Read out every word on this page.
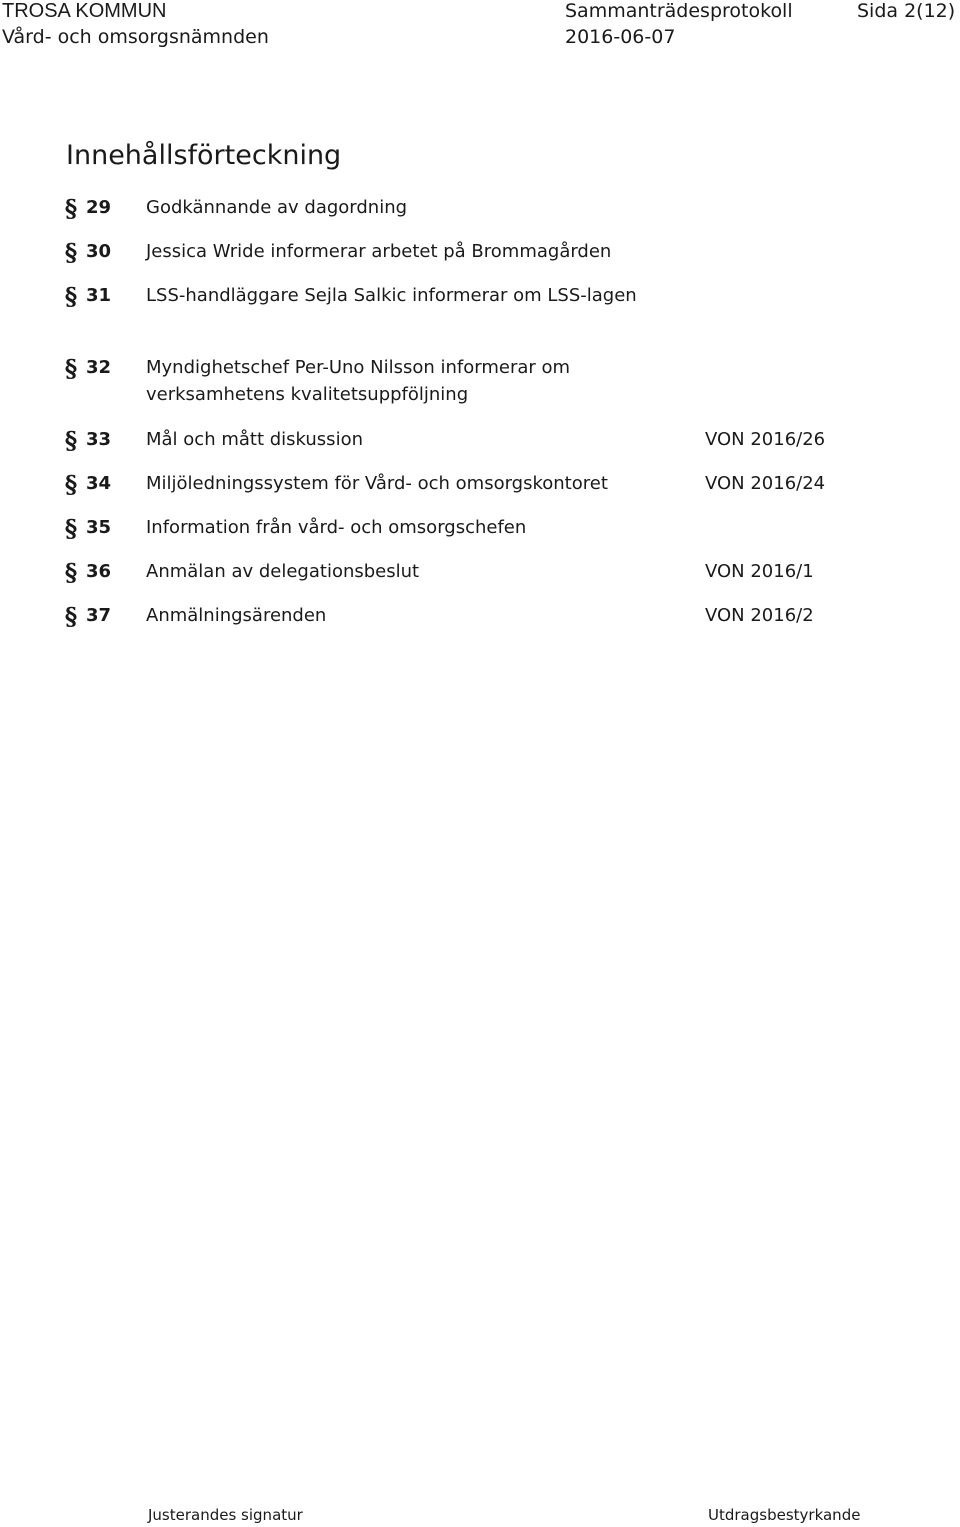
TROSA KOMMUN
Vård- och omsorgsnämnden
Sammanträdesprotokoll	Sida 2(12)
2016-06-07
Innehållsförteckning
§ 29 Godkännande av dagordning
§ 30 Jessica Wride informerar arbetet på Brommagården
§ 31 LSS-handläggare Sejla Salkic informerar om LSS-lagen
§ 32 Myndighetschef Per-Uno Nilsson informerar om verksamhetens kvalitetsuppföljning
§ 33 Mål och mått diskussion	VON 2016/26
§ 34 Miljöledningssystem för Vård- och omsorgskontoret	VON 2016/24
§ 35 Information från vård- och omsorgschefen
§ 36 Anmälan av delegationsbeslut	VON 2016/1
§ 37 Anmälningsärenden	VON 2016/2
Justerandes signatur	Utdragsbestyrkande
